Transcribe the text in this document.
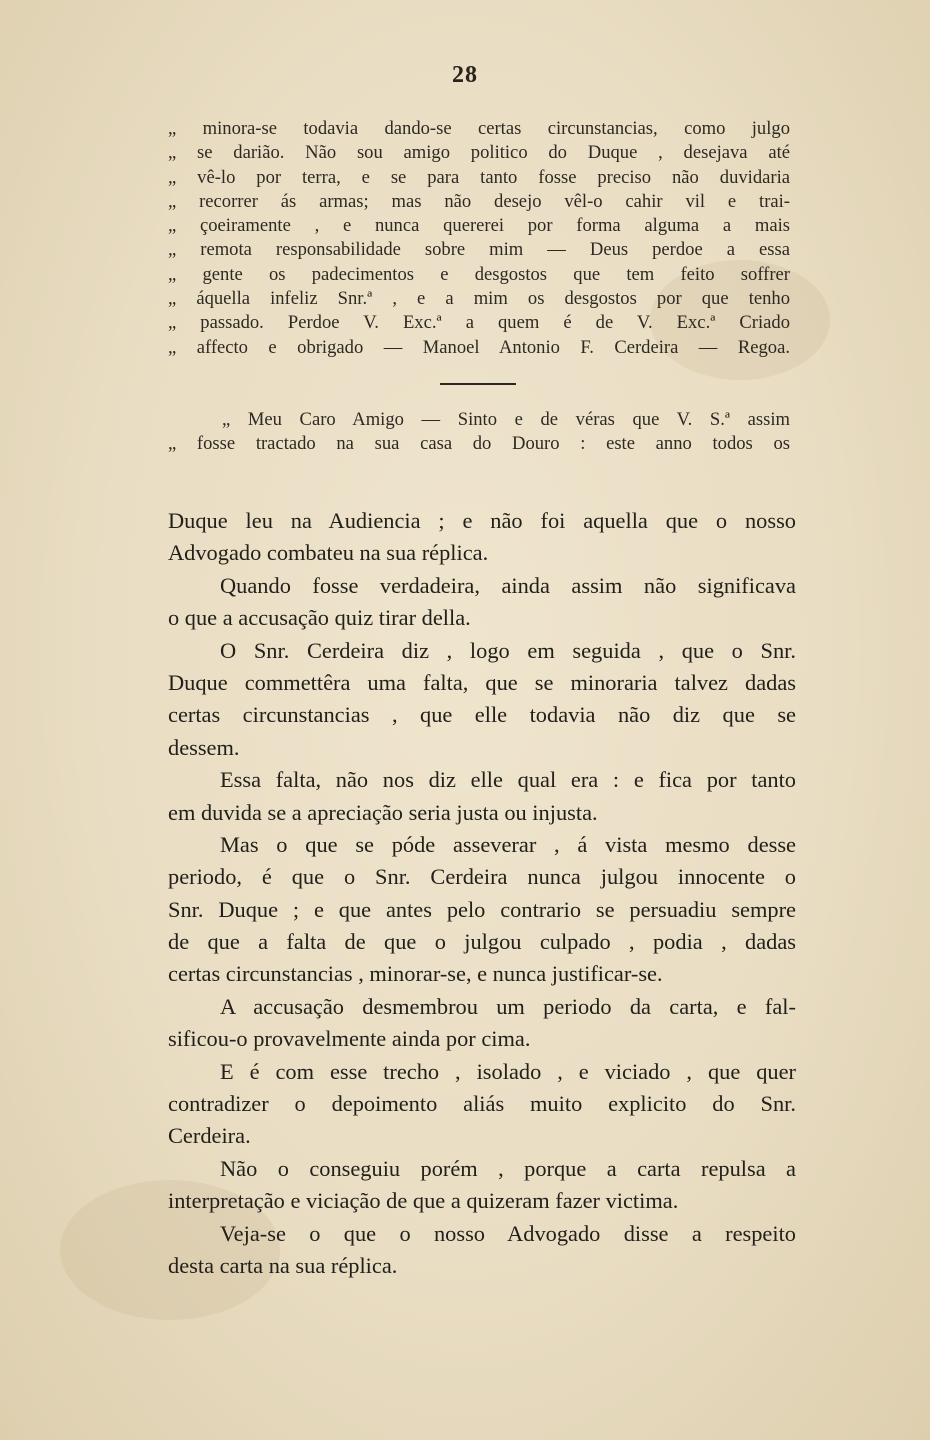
28
„ minora-se todavia dando-se certas circunstancias, como julgo
„ se darião. Não sou amigo politico do Duque , desejava até
„ vê-lo por terra, e se para tanto fosse preciso não duvidaria
„ recorrer ás armas; mas não desejo vêl-o cahir vil e trai-
„ çoeiramente , e nunca quererei por forma alguma a mais
„ remota responsabilidade sobre mim — Deus perdoe a essa
„ gente os padecimentos e desgostos que tem feito soffrer
„ áquella infeliz Snr.ª , e a mim os desgostos por que tenho
„ passado. Perdoe V. Exc.ª a quem é de V. Exc.ª Criado
„ affecto e obrigado — Manoel Antonio F. Cerdeira — Regoa.
„ Meu Caro Amigo — Sinto e de véras que V. S.ª assim
„ fosse tractado na sua casa do Douro : este anno todos os
Duque leu na Audiencia ; e não foi aquella que o nosso
Advogado combateu na sua réplica.
Quando fosse verdadeira, ainda assim não significava
o que a accusação quiz tirar della.
O Snr. Cerdeira diz , logo em seguida , que o Snr.
Duque commettêra uma falta, que se minoraria talvez dadas
certas circunstancias , que elle todavia não diz que se
dessem.
Essa falta, não nos diz elle qual era : e fica por tanto
em duvida se a apreciação seria justa ou injusta.
Mas o que se póde asseverar , á vista mesmo desse
periodo, é que o Snr. Cerdeira nunca julgou innocente o
Snr. Duque ; e que antes pelo contrario se persuadiu sempre
de que a falta de que o julgou culpado , podia , dadas
certas circunstancias , minorar-se, e nunca justificar-se.
A accusação desmembrou um periodo da carta, e fal-
sificou-o provavelmente ainda por cima.
E é com esse trecho , isolado , e viciado , que quer
contradizer o depoimento aliás muito explicito do Snr.
Cerdeira.
Não o conseguiu porém , porque a carta repulsa a
interpretação e viciação de que a quizeram fazer victima.
Veja-se o que o nosso Advogado disse a respeito
desta carta na sua réplica.
